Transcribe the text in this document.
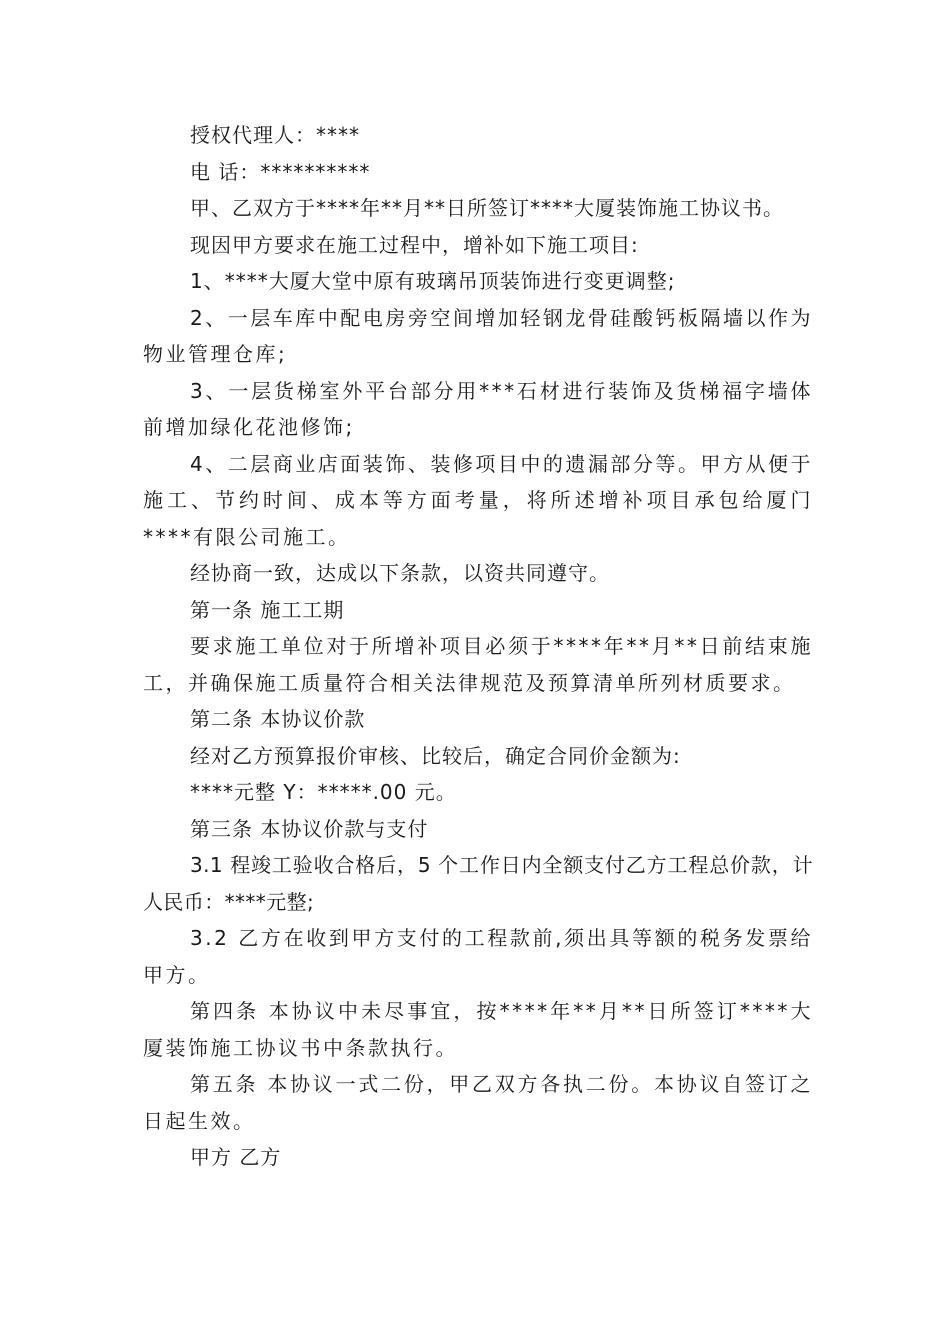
授权代理人：****

电 话：**********

甲、乙双方于****年**月**日所签订****大厦装饰施工协议书。

现因甲方要求在施工过程中，增补如下施工项目:

1、****大厦大堂中原有玻璃吊顶装饰进行变更调整;

2、一层车库中配电房旁空间增加轻钢龙骨硅酸钙板隔墙以作为物业管理仓库;

3、一层货梯室外平台部分用***石材进行装饰及货梯福字墙体前增加绿化花池修饰;

4、二层商业店面装饰、装修项目中的遗漏部分等。甲方从便于施工、节约时间、成本等方面考量，将所述增补项目承包给厦门****有限公司施工。

经协商一致，达成以下条款，以资共同遵守。

第一条 施工工期

要求施工单位对于所增补项目必须于****年**月**日前结束施工，并确保施工质量符合相关法律规范及预算清单所列材质要求。

第二条 本协议价款

经对乙方预算报价审核、比较后，确定合同价金额为:

****元整 Y：*****.00 元。

第三条 本协议价款与支付

3.1 程竣工验收合格后，5 个工作日内全额支付乙方工程总价款，计人民币：****元整;

3.2 乙方在收到甲方支付的工程款前,须出具等额的税务发票给甲方。

第四条 本协议中未尽事宜，按****年**月**日所签订****大厦装饰施工协议书中条款执行。

第五条 本协议一式二份，甲乙双方各执二份。本协议自签订之日起生效。

甲方 乙方
